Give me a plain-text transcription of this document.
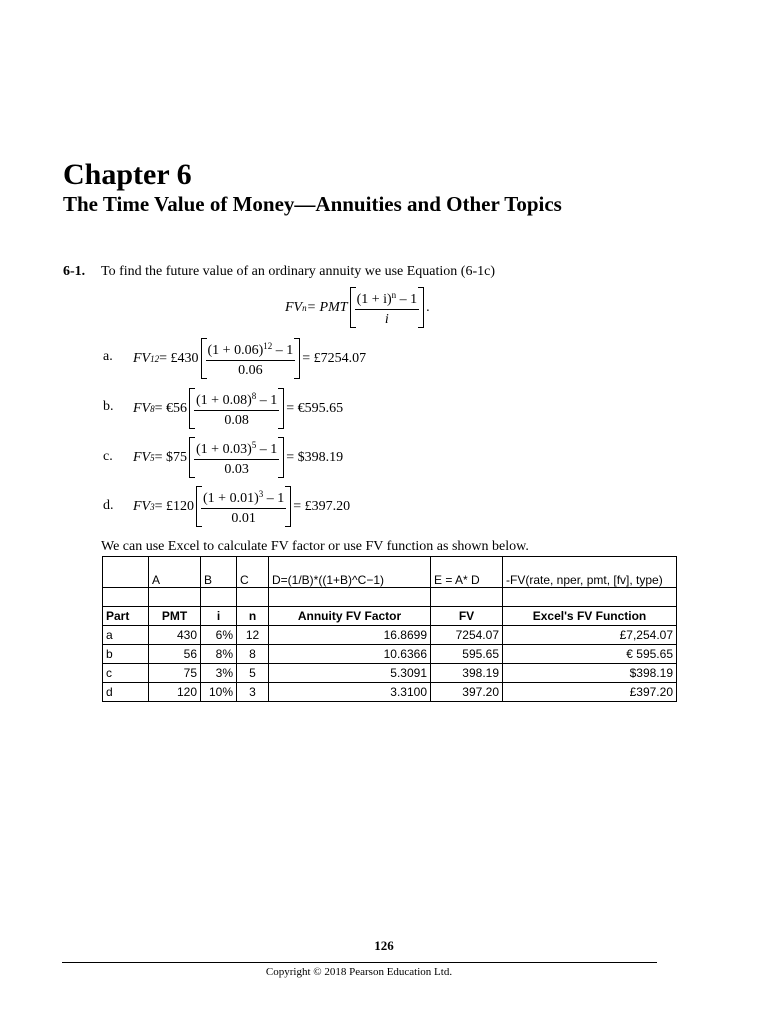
Chapter 6
The Time Value of Money—Annuities and Other Topics
6-1. To find the future value of an ordinary annuity we use Equation (6-1c)
FV n = PMT $\frac{(1 + i)^n - 1}{i}$ .
a. FV 12 = £430 $\frac{(1 + 0.06)^{12} - 1}{0.06}$ = £7254.07
b. FV 8 = €56 $\frac{(1 + 0.08)^8 - 1}{0.08}$ = €595.65
c. FV 5 = $75 $\frac{(1 + 0.03)^5 - 1}{0.03}$ = $398.19
d. FV 3 = £120 $\frac{(1 + 0.01)^3 - 1}{0.01}$ = £397.20
We can use Excel to calculate FV factor or use FV function as shown below.
	A	B	C	D=(1/B)*((1+B)^C−1)	E = A* D	-FV(rate, nper, pmt, [fv], type)

Part	PMT	i	n	Annuity FV Factor	FV	Excel's FV Function
a	430	6%	12	16.8699	7254.07	£7,254.07
b	56	8%	8	10.6366	595.65	€ 595.65
c	75	3%	5	5.3091	398.19	$398.19
d	120	10%	3	3.3100	397.20	£397.20
126
Copyright © 2018 Pearson Education Ltd.
